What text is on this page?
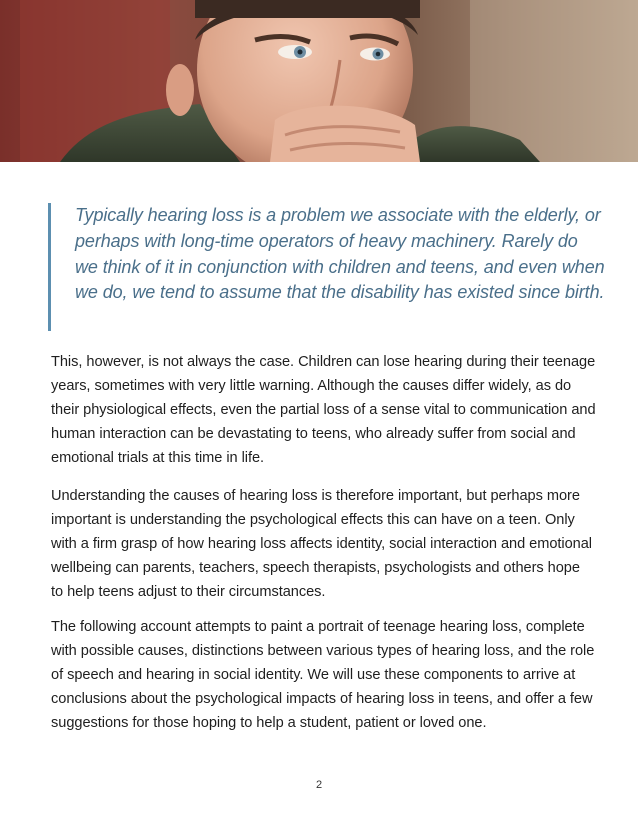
Typically hearing loss is a problem we associate with the elderly, or perhaps with long-time operators of heavy machinery. Rarely do we think of it in conjunction with children and teens, and even when we do, we tend to assume that the disability has existed since birth.

This, however, is not always the case. Children can lose hearing during their teenage years, sometimes with very little warning. Although the causes differ widely, as do their physiological effects, even the partial loss of a sense vital to communication and human interaction can be devastating to teens, who already suffer from social and emotional trials at this time in life.

Understanding the causes of hearing loss is therefore important, but perhaps more important is understanding the psychological effects this can have on a teen. Only with a firm grasp of how hearing loss affects identity, social interaction and emotional wellbeing can parents, teachers, speech therapists, psychologists and others hope to help teens adjust to their circumstances.

The following account attempts to paint a portrait of teenage hearing loss, complete with possible causes, distinctions between various types of hearing loss, and the role of speech and hearing in social identity. We will use these components to arrive at conclusions about the psychological impacts of hearing loss in teens, and offer a few suggestions for those hoping to help a student, patient or loved one.

2
